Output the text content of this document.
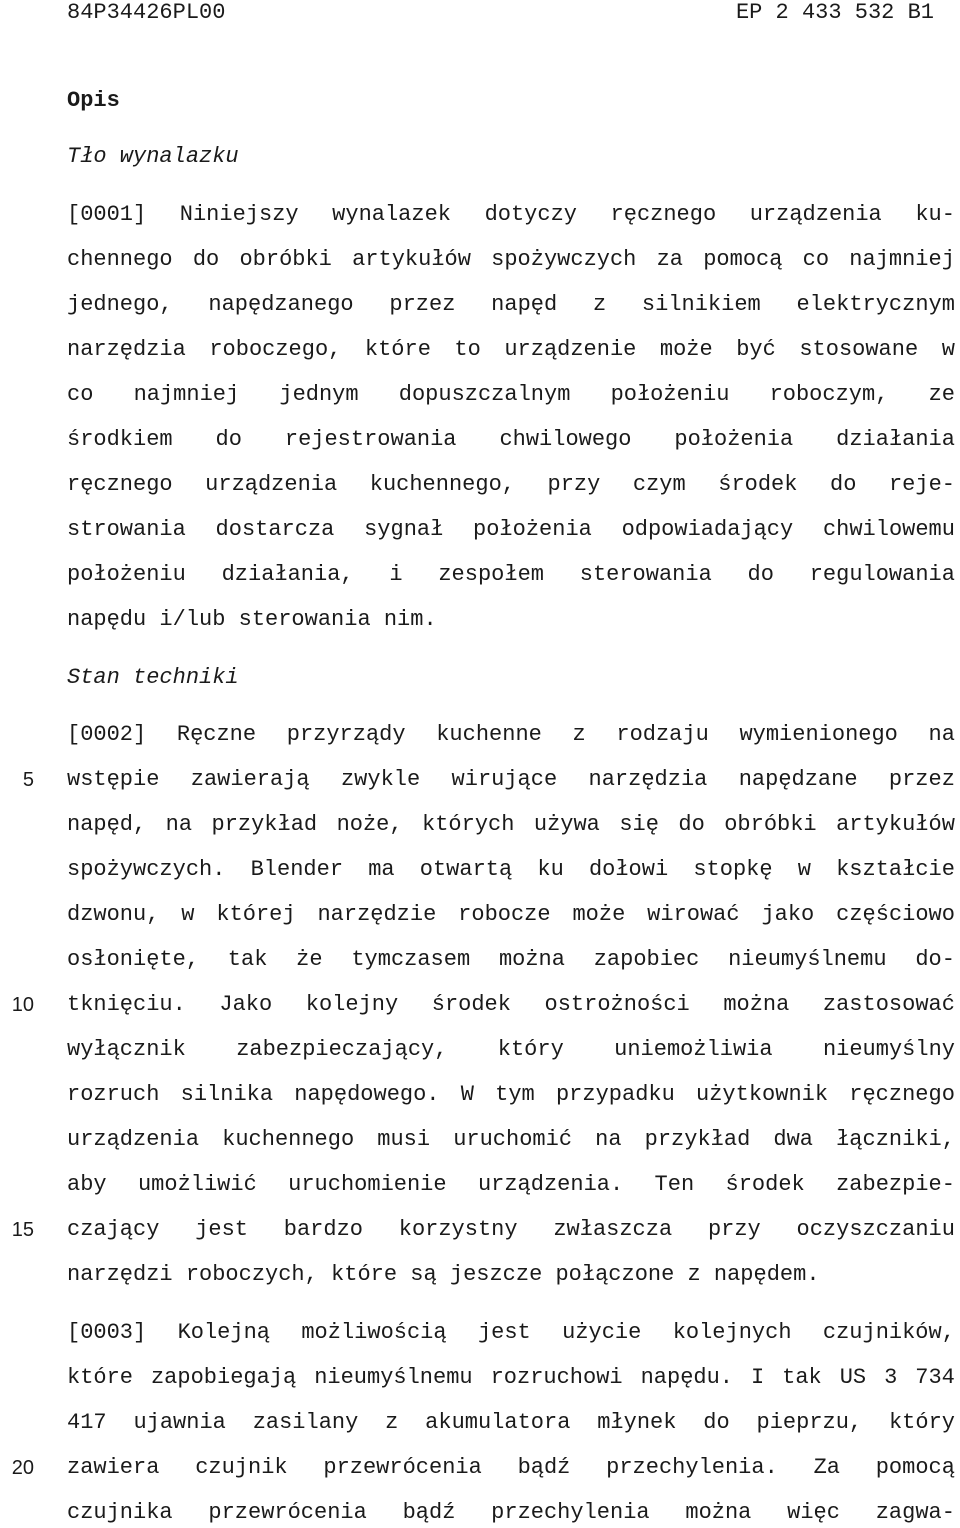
84P34426PL00	EP 2 433 532 B1
Opis
Tło wynalazku
[0001] Niniejszy wynalazek dotyczy ręcznego urządzenia ku-
chennego do obróbki artykułów spożywczych za pomocą co najmniej
jednego, napędzanego przez napęd z silnikiem elektrycznym
narzędzia roboczego, które to urządzenie może być stosowane w
co najmniej jednym dopuszczalnym położeniu roboczym, ze
środkiem do rejestrowania chwilowego położenia działania
ręcznego urządzenia kuchennego, przy czym środek do reje-
strowania dostarcza sygnał położenia odpowiadający chwilowemu
położeniu działania, i zespołem sterowania do regulowania
napędu i/lub sterowania nim.
Stan techniki
[0002] Ręczne przyrządy kuchenne z rodzaju wymienionego na
wstępie zawierają zwykle wirujące narzędzia napędzane przez
napęd, na przykład noże, których używa się do obróbki artykułów
spożywczych. Blender ma otwartą ku dołowi stopkę w kształcie
dzwonu, w której narzędzie robocze może wirować jako częściowo
osłonięte, tak że tymczasem można zapobiec nieumyślnemu do-
tknięciu. Jako kolejny środek ostrożności można zastosować
wyłącznik zabezpieczający, który uniemożliwia nieumyślny
rozruch silnika napędowego. W tym przypadku użytkownik ręcznego
urządzenia kuchennego musi uruchomić na przykład dwa łączniki,
aby umożliwić uruchomienie urządzenia. Ten środek zabezpie-
czający jest bardzo korzystny zwłaszcza przy oczyszczaniu
narzędzi roboczych, które są jeszcze połączone z napędem.
[0003] Kolejną możliwością jest użycie kolejnych czujników,
które zapobiegają nieumyślnemu rozruchowi napędu. I tak US 3 734
417 ujawnia zasilany z akumulatora młynek do pieprzu, który
zawiera czujnik przewrócenia bądź przechylenia. Za pomocą
czujnika przewrócenia bądź przechylenia można więc zagwa-
5
10
15
20
